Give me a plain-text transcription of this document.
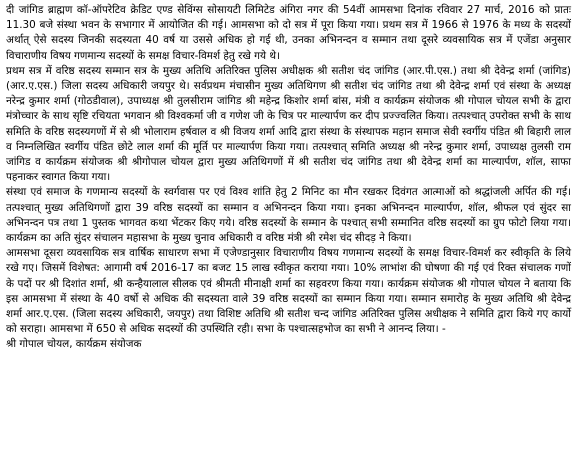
दी जांगिड ब्राह्मण कॉ-ऑपरेटिव क्रेडिट एण्ड सेविंग्स सोसायटी लिमिटेड अंगिरा नगर की 54वीं आमसभा दिनांक रविवार 27 मार्च, 2016 को प्रातः 11.30 बजे संस्था भवन के सभागार में आयोजित की गई। आमसभा को दो सत्र में पूरा किया गया। प्रथम सत्र में 1966 से 1976 के मध्य के सदस्यों अर्थात् ऐसे सदस्य जिनकी सदस्यता 40 वर्ष या उससे अधिक हो गई थी, उनका अभिनन्दन व सम्मान तथा दूसरे व्यवसायिक सत्र में एजेंडा अनुसार विचाराणीय विषय गणमान्य सदस्यों के समक्ष विचार-विमर्श हेतु रखे गये थे।

प्रथम सत्र में वरिष्ठ सदस्य सम्मान सत्र के मुख्य अतिथि अतिरिक्त पुलिस अधीक्षक श्री सतीश चंद जांगिड (आर.पी.एस.) तथा श्री देवेन्द्र शर्मा (जांगिड) (आर.ए.एस.) जिला सदस्य अधिकारी जयपुर थे। सर्वप्रथम मंचासीन मुख्य अतिथिगण श्री सतीश चंद जांगिड तथा श्री देवेन्द्र शर्मा एवं संस्था के अध्यक्ष नरेन्द्र कुमार शर्मा (गोठडीवाल), उपाध्यक्ष श्री तुलसीराम जांगिड श्री महेन्द्र किशोर शर्मा बांस, मंत्री व कार्यक्रम संयोजक श्री गोपाल चोयल सभी के द्वारा मंत्रोच्चार के साथ सृष्टि रचियता भगवान श्री विश्वकर्मा जी व गणेश जी के चित्र पर माल्यार्पण कर दीप प्रज्ज्वलित किया। तत्पश्चात् उपरोक्त सभी के साथ समिति के वरिष्ठ सदस्यगणों में से श्री भोलाराम हर्षवाल व श्री विजय शर्मा आदि द्वारा संस्था के संस्थापक महान समाज सेवी स्वर्गीय पंडित श्री बिहारी लाल व निम्नलिखित स्वर्गीय पंडित छोटे लाल शर्मा की मूर्ति पर माल्यार्पण किया गया। तत्पश्चात् समिति अध्यक्ष श्री नरेन्द्र कुमार शर्मा, उपाध्यक्ष तुलसी राम जांगिड व कार्यक्रम संयोजक श्री श्रीगोपाल चोयल द्वारा मुख्य अतिथिगणों में श्री सतीश चंद जांगिड तथा श्री देवेन्द्र शर्मा का माल्यार्पण, शॉल, साफा पहनाकर स्वागत किया गया।

संस्था एवं समाज के गणमान्य सदस्यों के स्वर्गवास पर एवं विश्व शांति हेतु 2 मिनिट का मौन रखकर दिवंगत आत्माओं को श्रद्धांजली अर्पित की गई। तत्पश्चात् मुख्य अतिथिगणों द्वारा 39 वरिष्ठ सदस्यों का सम्मान व अभिनन्दन किया गया। इनका अभिनन्दन माल्यार्पण, शॉल, श्रीफल एवं सुंदर सा अभिनन्दन पत्र तथा 1 पुस्तक भागवत कथा भेंटकर किए गये। वरिष्ठ सदस्यों के सम्मान के पश्चात् सभी सम्मानित वरिष्ठ सदस्यों का ग्रुप फोटो लिया गया। कार्यक्रम का अति सुंदर संचालन महासभा के मुख्य चुनाव अधिकारी व वरिष्ठ मंत्री श्री रमेश चंद सीदड़ ने किया।

आमसभा दूसरा व्यवसायिक सत्र वार्षिक साधारण सभा में एजेण्डानुसार विचाराणीय विषय गणमान्य सदस्यों के समक्ष विचार-विमर्श कर स्वीकृति के लिये रखे गए। जिसमें विशेषत: आगामी वर्ष 2016-17 का बजट 15 लाख स्वीकृत कराया गया। 10% लाभांश की घोषणा की गई एवं रिक्त संचालक गणों के पदों पर श्री दिशांत शर्मा, श्री कन्हैयालाल सीलक एवं श्रीमती मीनाक्षी शर्मा का सहवरण किया गया। कार्यक्रम संयोजक श्री गोपाल चोयल ने बताया कि इस आमसभा में संस्था के 40 वर्षो से अधिक की सदस्यता वाले 39 वरिष्ठ सदस्यों का सम्मान किया गया। सम्मान समारोह के मुख्य अतिथि श्री देवेन्द्र शर्मा आर.ए.एस. (जिला सदस्य अधिकारी, जयपुर) तथा विशिष्ट अतिथि श्री सतीश चन्द जांगिड अतिरिक्त पुलिस अधीक्षक ने समिति द्वारा किये गए कार्यो को सराहा। आमसभा में 650 से अधिक सदस्यों की उपस्थिति रही। सभा के पश्चात्सहभोज का सभी ने आनन्द लिया। -

श्री गोपाल चोयल, कार्यक्रम संयोजक
